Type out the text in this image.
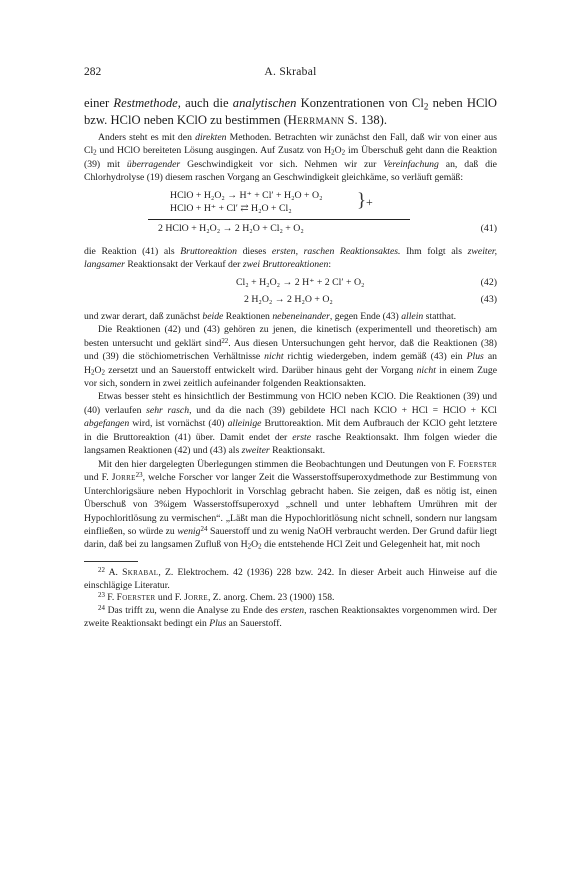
282	A. Skrabal

einer Restmethode, auch die analytischen Konzentrationen von $Cl_2$ neben HClO bzw. HClO neben KClO zu bestimmen (Herrmann S. 138).

Anders steht es mit den direkten Methoden. Betrachten wir zunächst den Fall, daß wir von einer aus $Cl_2$ und HClO bereiteten Lösung ausgingen. Auf Zusatz von $H_2O_2$ im Überschuß geht dann die Reaktion (39) mit überragender Geschwindigkeit vor sich. Nehmen wir zur Vereinfachung an, daß die Chlorhydrolyse (19) diesem raschen Vorgang an Geschwindigkeit gleichkäme, so verläuft gemäß:

HClO + H₂O₂ → H⁺ + Cl′ + H₂O + O₂
HClO + H⁺ + Cl′ ⇄ H₂O + Cl₂	} +
2 HClO + H₂O₂ → 2 H₂O + Cl₂ + O₂	(41)

die Reaktion (41) als Bruttoreaktion dieses ersten, raschen Reaktionsaktes. Ihm folgt als zweiter, langsamer Reaktionsakt der Verkauf der zwei Bruttoreaktionen:

Cl₂ + H₂O₂ → 2 H⁺ + 2 Cl′ + O₂	(42)
2 H₂O₂ → 2 H₂O + O₂	(43)

und zwar derart, daß zunächst beide Reaktionen nebeneinander, gegen Ende (43) allein statthat.

Die Reaktionen (42) und (43) gehören zu jenen, die kinetisch (experimentell und theoretisch) am besten untersucht und geklärt sind$^{22}$. Aus diesen Untersuchungen geht hervor, daß die Reaktionen (38) und (39) die stöchiometrischen Verhältnisse nicht richtig wiedergeben, indem gemäß (43) ein Plus an $H_2O_2$ zersetzt und an Sauerstoff entwickelt wird. Darüber hinaus geht der Vorgang nicht in einem Zuge vor sich, sondern in zwei zeitlich aufeinander folgenden Reaktionsakten.

Etwas besser steht es hinsichtlich der Bestimmung von HClO neben KClO. Die Reaktionen (39) und (40) verlaufen sehr rasch, und da die nach (39) gebildete HCl nach KClO + HCl = HClO + KCl abgefangen wird, ist vornächst (40) alleinige Bruttoreaktion. Mit dem Aufbrauch der KClO geht letztere in die Bruttoreaktion (41) über. Damit endet der erste rasche Reaktionsakt. Ihm folgen wieder die langsamen Reaktionen (42) und (43) als zweiter Reaktionsakt.

Mit den hier dargelegten Überlegungen stimmen die Beobachtungen und Deutungen von F. Foerster und F. Jorre$^{23}$, welche Forscher vor langer Zeit die Wasserstoffsuperoxydmethode zur Bestimmung von Unterchlorigsäure neben Hypochlorit in Vorschlag gebracht haben. Sie zeigen, daß es nötig ist, einen Überschuß von 3%igem Wasserstoffsuperoxyd „schnell und unter lebhaftem Umrühren mit der Hypochloritlösung zu vermischen“. „Läßt man die Hypochloritlösung nicht schnell, sondern nur langsam einfließen, so würde zu wenig$^{24}$ Sauerstoff und zu wenig NaOH verbraucht werden. Der Grund dafür liegt darin, daß bei zu langsamen Zufluß von $H_2O_2$ die entstehende HCl Zeit und Gelegenheit hat, mit noch

$^{22}$ A. Skrabal, Z. Elektrochem. 42 (1936) 228 bzw. 242. In dieser Arbeit auch Hinweise auf die einschlägige Literatur.

$^{23}$ F. Foerster und F. Jorre, Z. anorg. Chem. 23 (1900) 158.

$^{24}$ Das trifft zu, wenn die Analyse zu Ende des ersten, raschen Reaktionsaktes vorgenommen wird. Der zweite Reaktionsakt bedingt ein Plus an Sauerstoff.
